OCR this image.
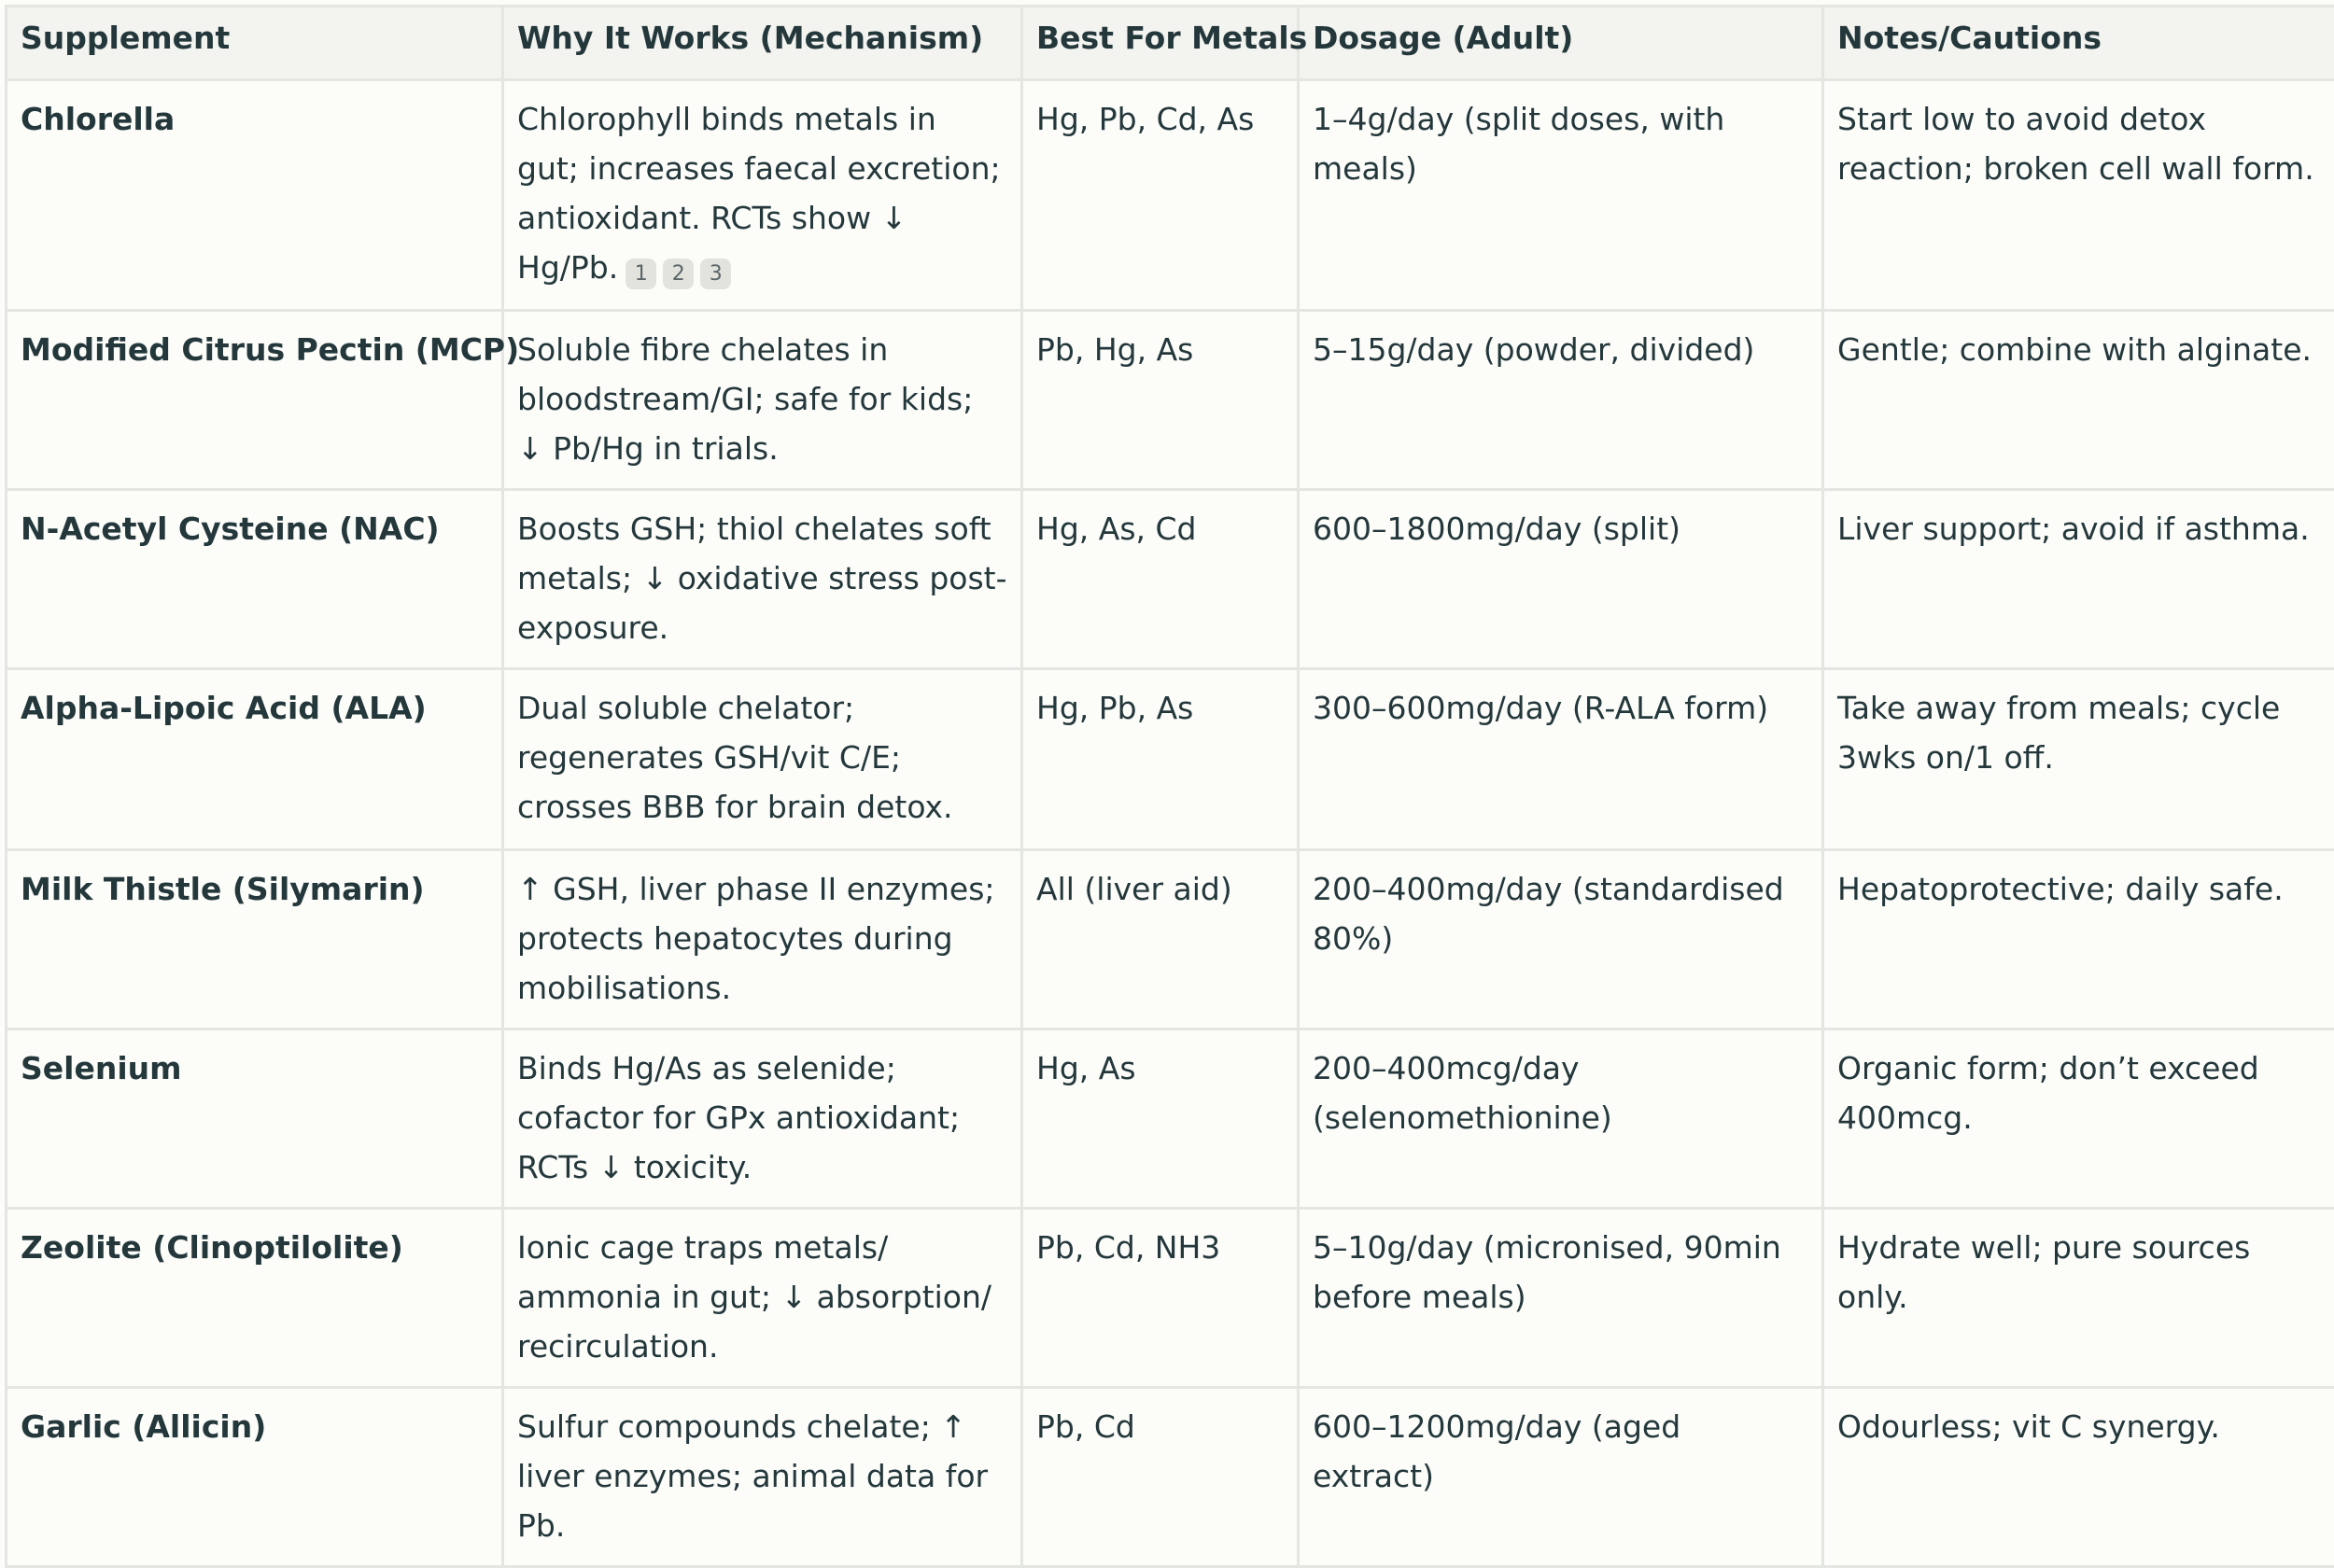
Supplement	Why It Works (Mechanism)	Best For Metals	Dosage (Adult)	Notes/Cautions
Chlorella	Chlorophyll binds metals in gut; increases faecal excretion; antioxidant. RCTs show ↓ Hg/Pb. 1 2 3	Hg, Pb, Cd, As	1–4g/day (split doses, with meals)	Start low to avoid detox reaction; broken cell wall form.
Modified Citrus Pectin (MCP)	Soluble fibre chelates in bloodstream/GI; safe for kids; ↓ Pb/Hg in trials.	Pb, Hg, As	5–15g/day (powder, divided)	Gentle; combine with alginate.
N-Acetyl Cysteine (NAC)	Boosts GSH; thiol chelates soft metals; ↓ oxidative stress post-exposure.	Hg, As, Cd	600–1800mg/day (split)	Liver support; avoid if asthma.
Alpha-Lipoic Acid (ALA)	Dual soluble chelator; regenerates GSH/vit C/E; crosses BBB for brain detox.	Hg, Pb, As	300–600mg/day (R-ALA form)	Take away from meals; cycle 3wks on/1 off.
Milk Thistle (Silymarin)	↑ GSH, liver phase II enzymes; protects hepatocytes during mobilisations.	All (liver aid)	200–400mg/day (standardised 80%)	Hepatoprotective; daily safe.
Selenium	Binds Hg/As as selenide; cofactor for GPx antioxidant; RCTs ↓ toxicity.	Hg, As	200–400mcg/day (selenomethionine)	Organic form; don’t exceed 400mcg.
Zeolite (Clinoptilolite)	Ionic cage traps metals/ ammonia in gut; ↓ absorption/ recirculation.	Pb, Cd, NH3	5–10g/day (micronised, 90min before meals)	Hydrate well; pure sources only.
Garlic (Allicin)	Sulfur compounds chelate; ↑ liver enzymes; animal data for Pb.	Pb, Cd	600–1200mg/day (aged extract)	Odourless; vit C synergy.
